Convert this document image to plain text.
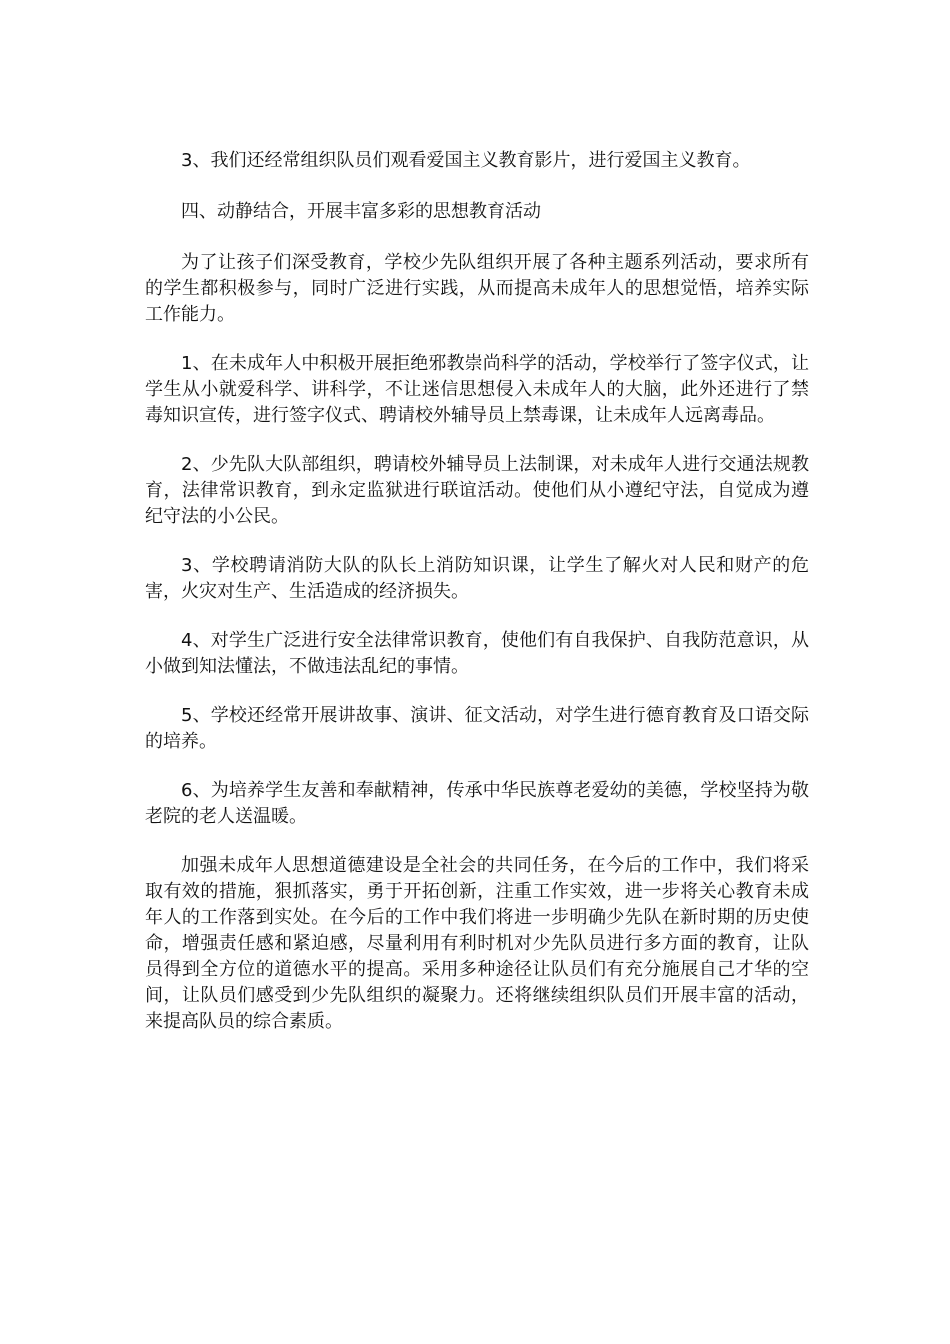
3、我们还经常组织队员们观看爱国主义教育影片，进行爱国主义教育。

四、动静结合，开展丰富多彩的思想教育活动

为了让孩子们深受教育，学校少先队组织开展了各种主题系列活动，要求所有的学生都积极参与，同时广泛进行实践，从而提高未成年人的思想觉悟，培养实际工作能力。

1、在未成年人中积极开展拒绝邪教崇尚科学的活动，学校举行了签字仪式，让学生从小就爱科学、讲科学，不让迷信思想侵入未成年人的大脑，此外还进行了禁毒知识宣传，进行签字仪式、聘请校外辅导员上禁毒课，让未成年人远离毒品。

2、少先队大队部组织，聘请校外辅导员上法制课，对未成年人进行交通法规教育，法律常识教育，到永定监狱进行联谊活动。使他们从小遵纪守法，自觉成为遵纪守法的小公民。

3、学校聘请消防大队的队长上消防知识课，让学生了解火对人民和财产的危害，火灾对生产、生活造成的经济损失。

4、对学生广泛进行安全法律常识教育，使他们有自我保护、自我防范意识，从小做到知法懂法，不做违法乱纪的事情。

5、学校还经常开展讲故事、演讲、征文活动，对学生进行德育教育及口语交际的培养。

6、为培养学生友善和奉献精神，传承中华民族尊老爱幼的美德，学校坚持为敬老院的老人送温暖。

加强未成年人思想道德建设是全社会的共同任务，在今后的工作中，我们将采取有效的措施，狠抓落实，勇于开拓创新，注重工作实效，进一步将关心教育未成年人的工作落到实处。在今后的工作中我们将进一步明确少先队在新时期的历史使命，增强责任感和紧迫感，尽量利用有利时机对少先队员进行多方面的教育，让队员得到全方位的道德水平的提高。采用多种途径让队员们有充分施展自己才华的空间，让队员们感受到少先队组织的凝聚力。还将继续组织队员们开展丰富的活动，来提高队员的综合素质。
